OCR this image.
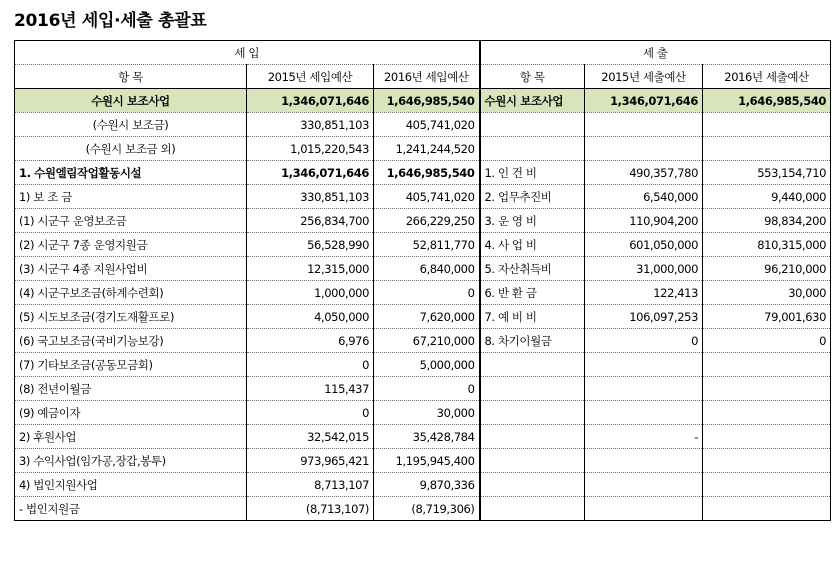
2016년 세입·세출 총괄표
세 입			세 출		
항 목	2015년 세입예산	2016년 세입예산	항 목	2015년 세출예산	2016년 세출예산
수원시 보조사업	1,346,071,646	1,646,985,540	수원시 보조사업	1,346,071,646	1,646,985,540
(수원시 보조금)	330,851,103	405,741,020			
(수원시 보조금 외)	1,015,220,543	1,241,244,520			
1. 수원엘림작업활동시설	1,346,071,646	1,646,985,540	1. 인 건 비	490,357,780	553,154,710
1) 보 조 금	330,851,103	405,741,020	2. 업무추진비	6,540,000	9,440,000
(1) 시군구 운영보조금	256,834,700	266,229,250	3. 운 영 비	110,904,200	98,834,200
(2) 시군구 7종 운영지원금	56,528,990	52,811,770	4. 사 업 비	601,050,000	810,315,000
(3) 시군구 4종 지원사업비	12,315,000	6,840,000	5. 자산취득비	31,000,000	96,210,000
(4) 시군구보조금(하계수련회)	1,000,000	0	6. 반 환 금	122,413	30,000
(5) 시도보조금(경기도재활프로)	4,050,000	7,620,000	7. 예 비 비	106,097,253	79,001,630
(6) 국고보조금(국비기능보강)	6,976	67,210,000	8. 차기이월금	0	0
(7) 기타보조금(공동모금회)	0	5,000,000			
(8) 전년이월금	115,437	0			
(9) 예금이자	0	30,000			
2) 후원사업	32,542,015	35,428,784		-	
3) 수익사업(임가공,장갑,봉투)	973,965,421	1,195,945,400			
4) 법인지원사업	8,713,107	9,870,336			
- 법인지원금	(8,713,107)	(8,719,306)			
